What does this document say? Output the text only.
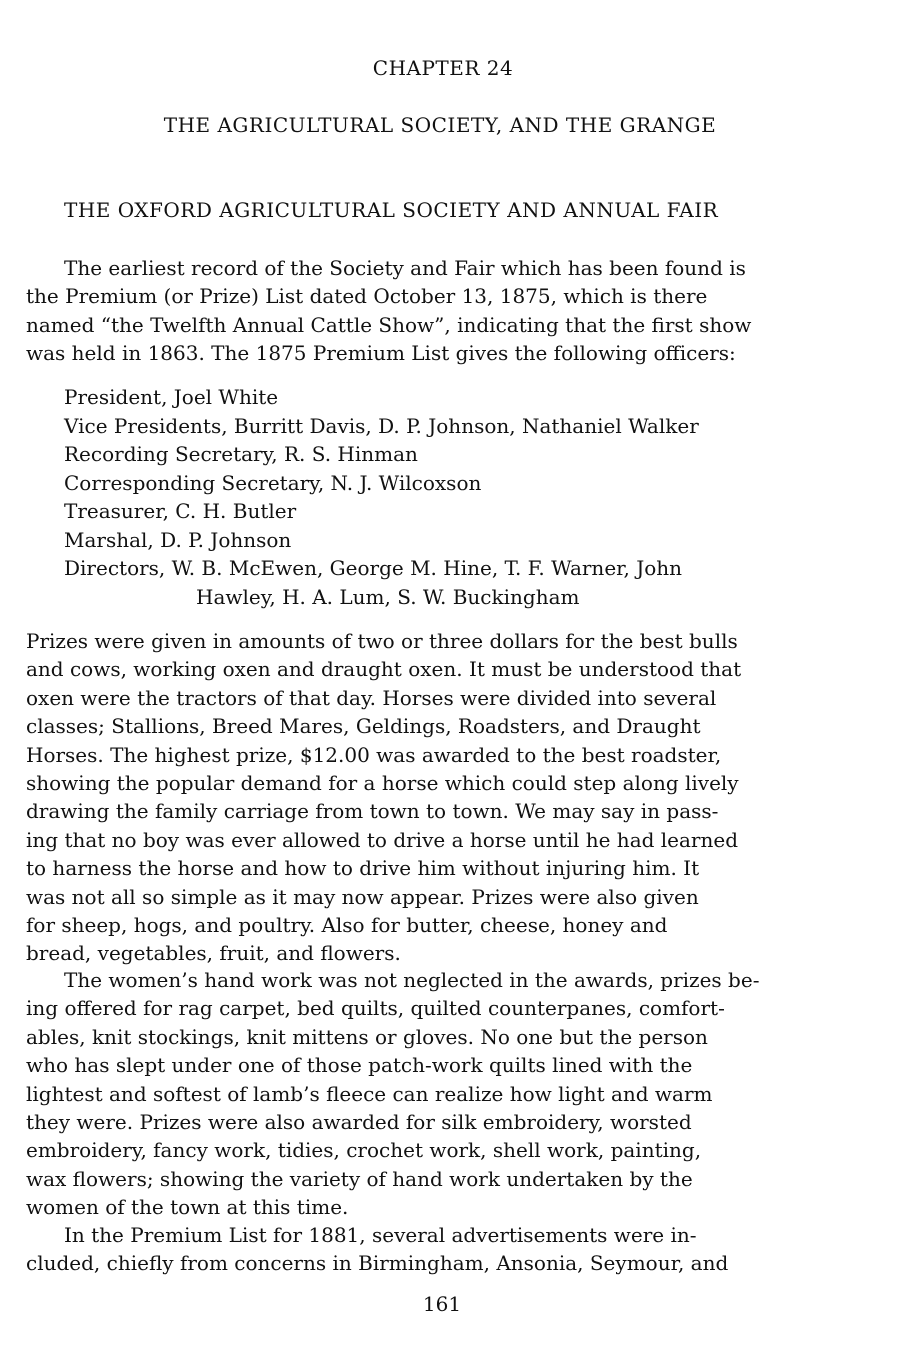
CHAPTER 24
THE AGRICULTURAL SOCIETY, AND THE GRANGE
THE OXFORD AGRICULTURAL SOCIETY AND ANNUAL FAIR

The earliest record of the Society and Fair which has been found is
the Premium (or Prize) List dated October 13, 1875, which is there
named “the Twelfth Annual Cattle Show”, indicating that the first show
was held in 1863. The 1875 Premium List gives the following officers:

President, Joel White
Vice Presidents, Burritt Davis, D. P. Johnson, Nathaniel Walker
Recording Secretary, R. S. Hinman
Corresponding Secretary, N. J. Wilcoxson
Treasurer, C. H. Butler
Marshal, D. P. Johnson
Directors, W. B. McEwen, George M. Hine, T. F. Warner, John
Hawley, H. A. Lum, S. W. Buckingham

Prizes were given in amounts of two or three dollars for the best bulls
and cows, working oxen and draught oxen. It must be understood that
oxen were the tractors of that day. Horses were divided into several
classes; Stallions, Breed Mares, Geldings, Roadsters, and Draught
Horses. The highest prize, $12.00 was awarded to the best roadster,
showing the popular demand for a horse which could step along lively
drawing the family carriage from town to town. We may say in pass-
ing that no boy was ever allowed to drive a horse until he had learned
to harness the horse and how to drive him without injuring him. It
was not all so simple as it may now appear. Prizes were also given
for sheep, hogs, and poultry. Also for butter, cheese, honey and
bread, vegetables, fruit, and flowers.

The women’s hand work was not neglected in the awards, prizes be-
ing offered for rag carpet, bed quilts, quilted counterpanes, comfort-
ables, knit stockings, knit mittens or gloves. No one but the person
who has slept under one of those patch-work quilts lined with the
lightest and softest of lamb’s fleece can realize how light and warm
they were. Prizes were also awarded for silk embroidery, worsted
embroidery, fancy work, tidies, crochet work, shell work, painting,
wax flowers; showing the variety of hand work undertaken by the
women of the town at this time.

In the Premium List for 1881, several advertisements were in-
cluded, chiefly from concerns in Birmingham, Ansonia, Seymour, and

161
